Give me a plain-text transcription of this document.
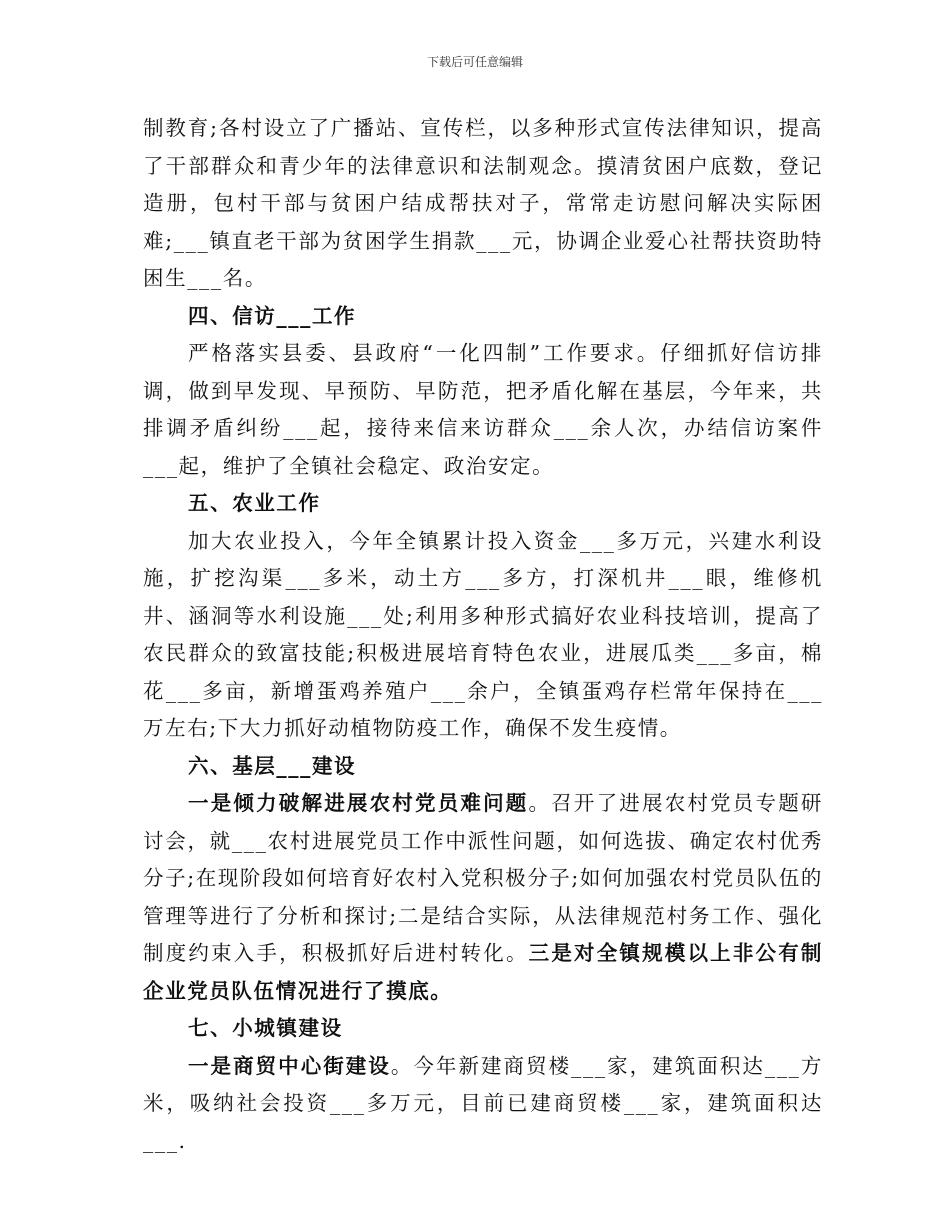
下载后可任意编辑

制教育;各村设立了广播站、宣传栏，以多种形式宣传法律知识，提高了干部群众和青少年的法律意识和法制观念。摸清贫困户底数，登记造册，包村干部与贫困户结成帮扶对子，常常走访慰问解决实际困难;___镇直老干部为贫困学生捐款___元，协调企业爱心社帮扶资助特困生___名。

四、信访___工作

严格落实县委、县政府“一化四制”工作要求。仔细抓好信访排调，做到早发现、早预防、早防范，把矛盾化解在基层，今年来，共排调矛盾纠纷___起，接待来信来访群众___余人次，办结信访案件___起，维护了全镇社会稳定、政治安定。

五、农业工作

加大农业投入，今年全镇累计投入资金___多万元，兴建水利设施，扩挖沟渠___多米，动土方___多方，打深机井___眼，维修机井、涵洞等水利设施___处;利用多种形式搞好农业科技培训，提高了农民群众的致富技能;积极进展培育特色农业，进展瓜类___多亩，棉花___多亩，新增蛋鸡养殖户___余户，全镇蛋鸡存栏常年保持在___万左右;下大力抓好动植物防疫工作，确保不发生疫情。

六、基层___建设

一是倾力破解进展农村党员难问题。召开了进展农村党员专题研讨会，就___农村进展党员工作中派性问题，如何选拔、确定农村优秀分子;在现阶段如何培育好农村入党积极分子;如何加强农村党员队伍的管理等进行了分析和探讨;二是结合实际，从法律规范村务工作、强化制度约束入手，积极抓好后进村转化。三是对全镇规模以上非公有制企业党员队伍情况进行了摸底。

七、小城镇建设

一是商贸中心街建设。今年新建商贸楼___家，建筑面积达___方米，吸纳社会投资___多万元，目前已建商贸楼___家，建筑面积达___.
